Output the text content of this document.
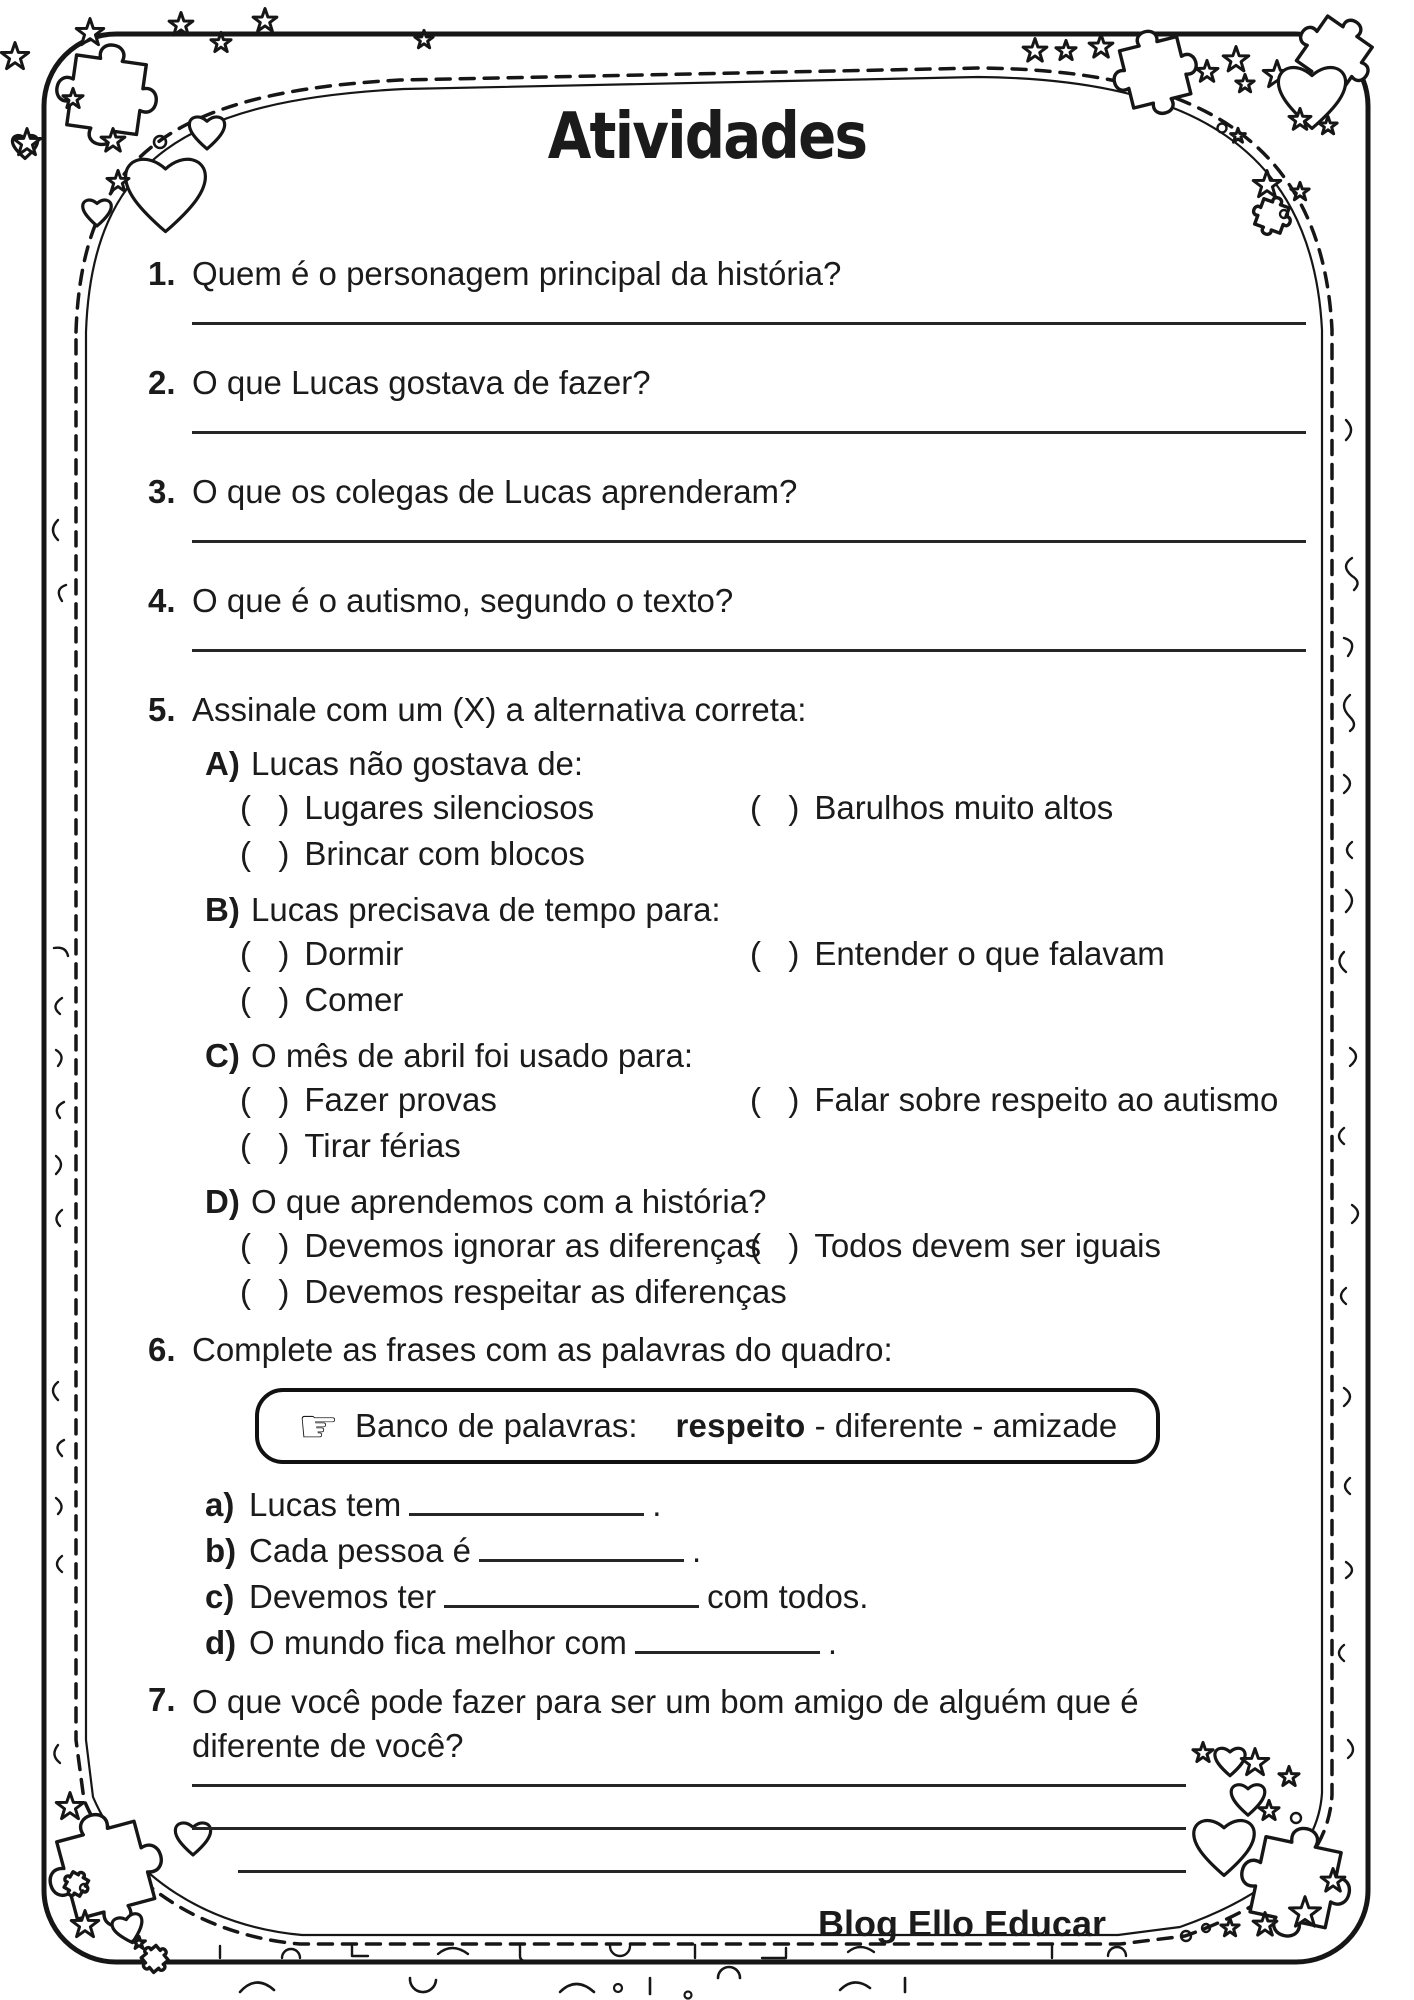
Atividades
1. Quem é o personagem principal da história?
2. O que Lucas gostava de fazer?
3. O que os colegas de Lucas aprenderam?
4. O que é o autismo, segundo o texto?
5. Assinale com um (X) a alternativa correta:
A) Lucas não gostava de:
(  ) Lugares silenciosos	(  ) Barulhos muito altos
(  ) Brincar com blocos
B) Lucas precisava de tempo para:
(  ) Dormir	(  ) Entender o que falavam
(  ) Comer
C) O mês de abril foi usado para:
(  ) Fazer provas	(  ) Falar sobre respeito ao autismo
(  ) Tirar férias
D) O que aprendemos com a história?
(  ) Devemos ignorar as diferenças
(  ) Todos devem ser iguais
(  ) Devemos respeitar as diferenças
6. Complete as frases com as palavras do quadro:
☞ Banco de palavras: respeito - diferente - amizade
a) Lucas tem	.
b) Cada pessoa é	.
c) Devemos ter	com todos.
d) O mundo fica melhor com	.
7. O que você pode fazer para ser um bom amigo de alguém que é diferente de você?
Blog Ello Educar
